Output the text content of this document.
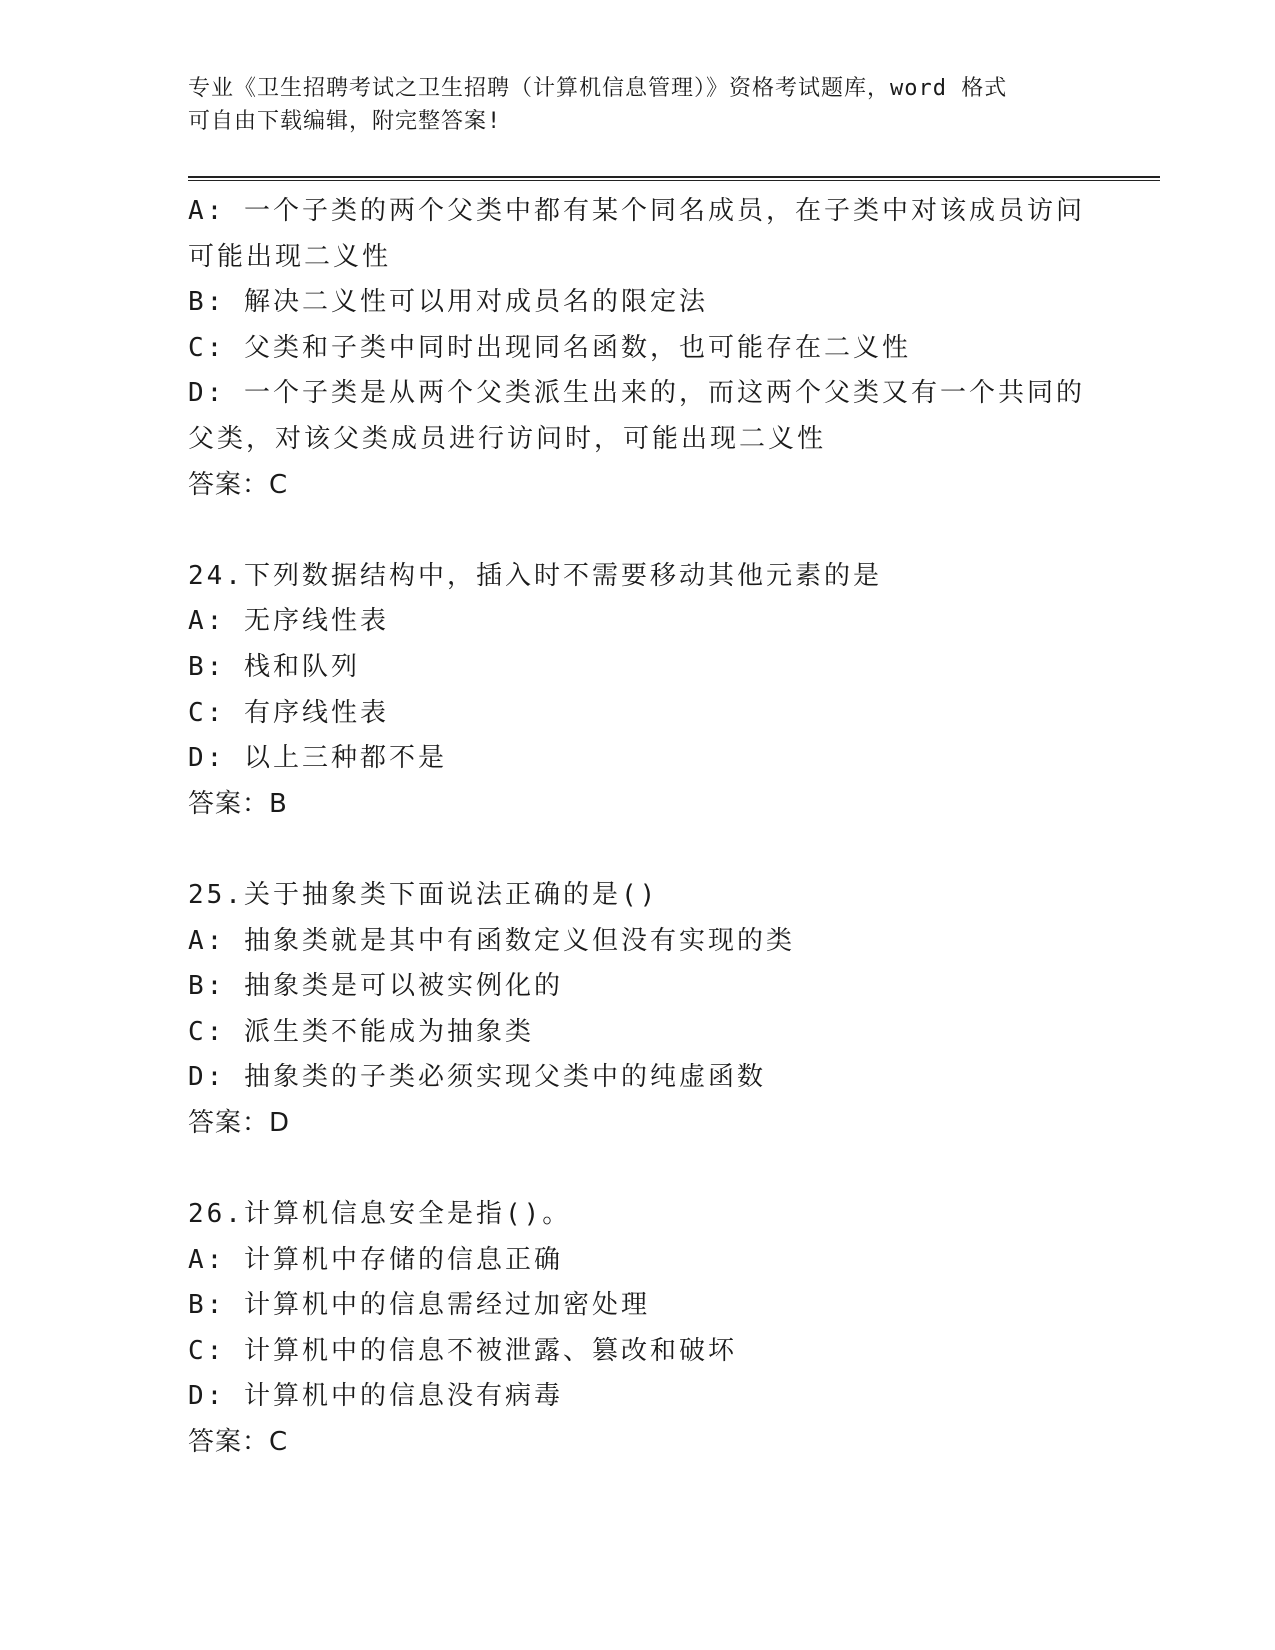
专业《卫生招聘考试之卫生招聘（计算机信息管理）》资格考试题库，word 格式
可自由下载编辑，附完整答案!
A: 一个子类的两个父类中都有某个同名成员，在子类中对该成员访问
可能出现二义性
B: 解决二义性可以用对成员名的限定法
C: 父类和子类中同时出现同名函数，也可能存在二义性
D: 一个子类是从两个父类派生出来的，而这两个父类又有一个共同的
父类，对该父类成员进行访问时，可能出现二义性
答案：C
24.下列数据结构中，插入时不需要移动其他元素的是
A: 无序线性表
B: 栈和队列
C: 有序线性表
D: 以上三种都不是
答案：B
25.关于抽象类下面说法正确的是()
A: 抽象类就是其中有函数定义但没有实现的类
B: 抽象类是可以被实例化的
C: 派生类不能成为抽象类
D: 抽象类的子类必须实现父类中的纯虚函数
答案：D
26.计算机信息安全是指()。
A: 计算机中存储的信息正确
B: 计算机中的信息需经过加密处理
C: 计算机中的信息不被泄露、篡改和破坏
D: 计算机中的信息没有病毒
答案：C
